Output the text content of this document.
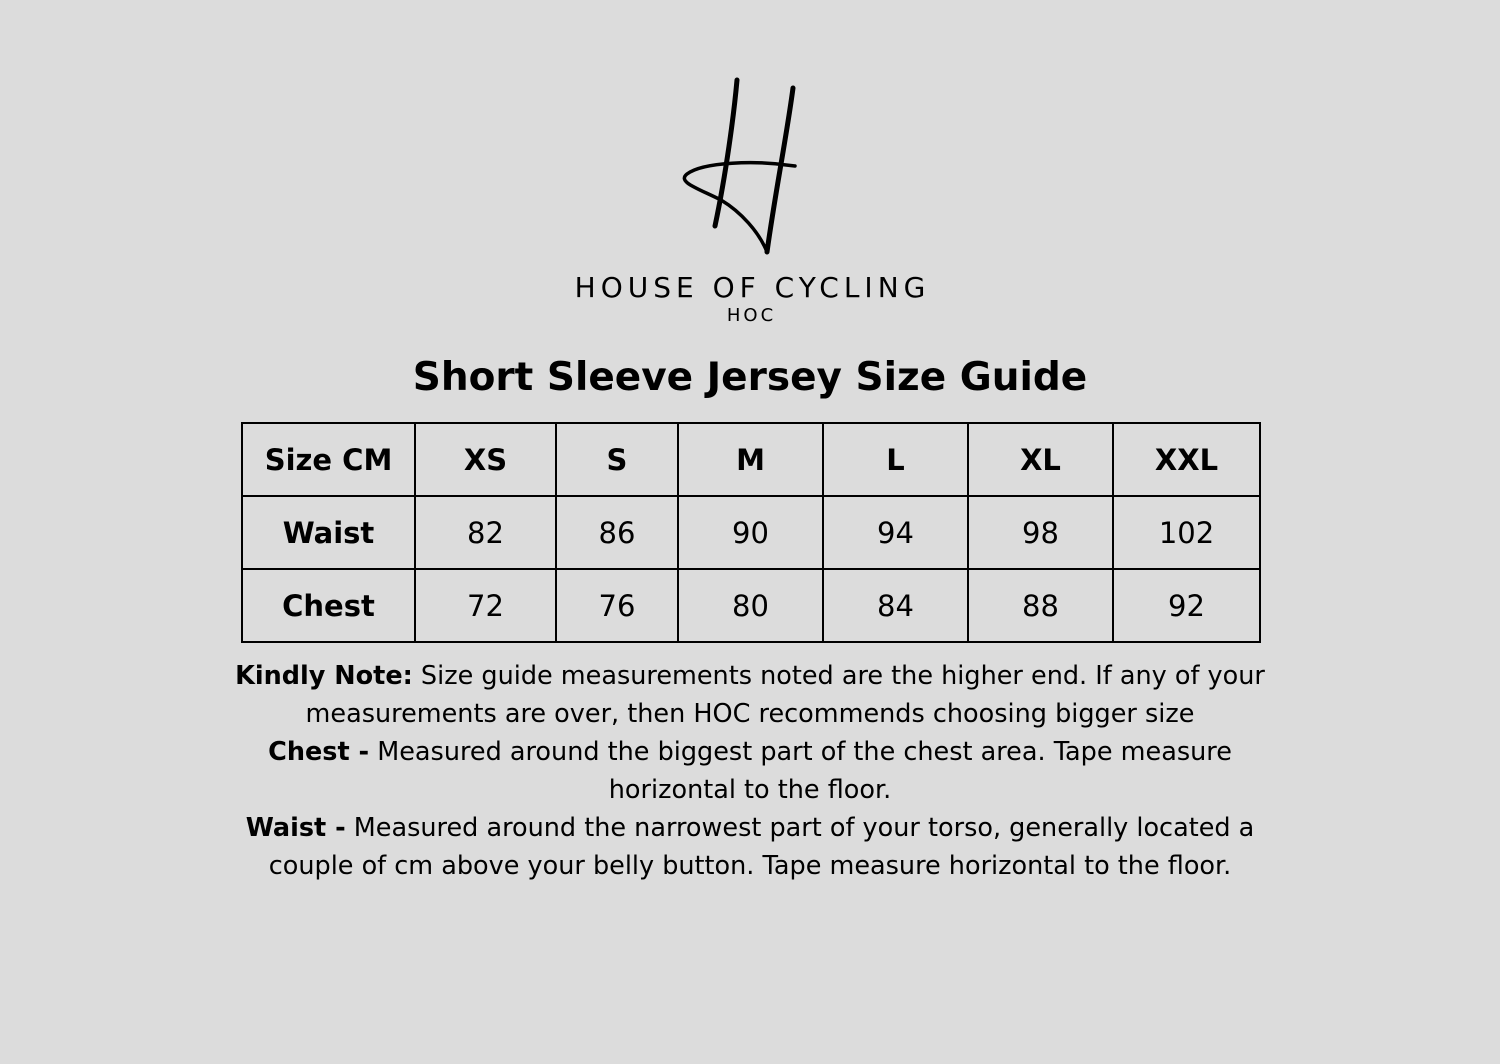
HOUSE OF CYCLING
HOC
Short Sleeve Jersey Size Guide
Size CM	XS	S	M	L	XL	XXL
Waist	82	86	90	94	98	102
Chest	72	76	80	84	88	92

Kindly Note: Size guide measurements noted are the higher end. If any of your measurements are over, then HOC recommends choosing bigger size

Chest - Measured around the biggest part of the chest area. Tape measure horizontal to the floor.

Waist - Measured around the narrowest part of your torso, generally located a couple of cm above your belly button. Tape measure horizontal to the floor.
